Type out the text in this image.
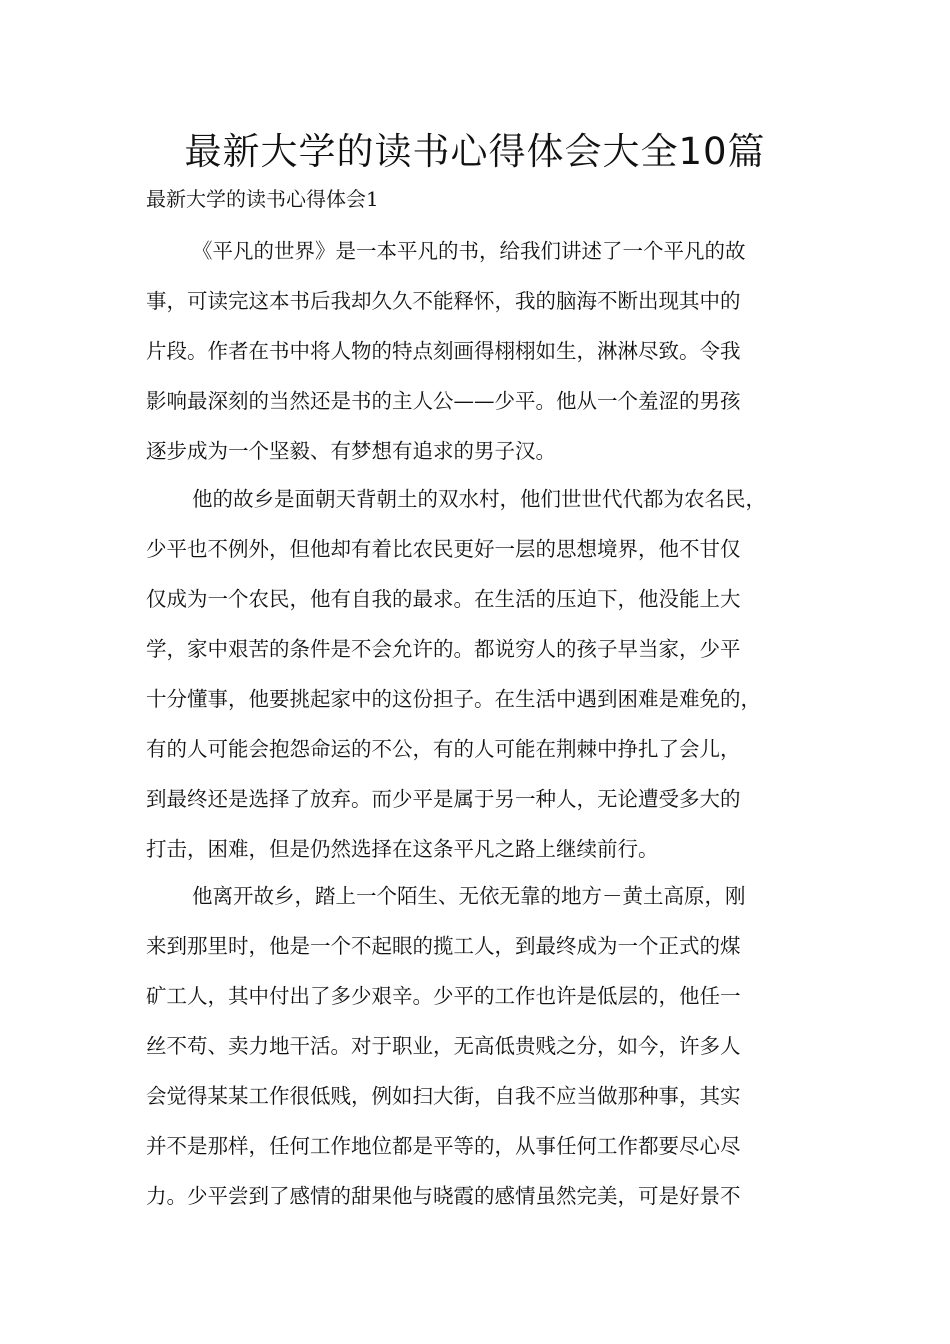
最新大学的读书心得体会大全10篇
最新大学的读书心得体会1
《平凡的世界》是一本平凡的书，给我们讲述了一个平凡的故
事，可读完这本书后我却久久不能释怀，我的脑海不断出现其中的
片段。作者在书中将人物的特点刻画得栩栩如生，淋淋尽致。令我
影响最深刻的当然还是书的主人公——少平。他从一个羞涩的男孩
逐步成为一个坚毅、有梦想有追求的男子汉。
他的故乡是面朝天背朝土的双水村，他们世世代代都为农名民，
少平也不例外，但他却有着比农民更好一层的思想境界，他不甘仅
仅成为一个农民，他有自我的最求。在生活的压迫下，他没能上大
学，家中艰苦的条件是不会允许的。都说穷人的孩子早当家，少平
十分懂事，他要挑起家中的这份担子。在生活中遇到困难是难免的，
有的人可能会抱怨命运的不公，有的人可能在荆棘中挣扎了会儿，
到最终还是选择了放弃。而少平是属于另一种人，无论遭受多大的
打击，困难，但是仍然选择在这条平凡之路上继续前行。
他离开故乡，踏上一个陌生、无依无靠的地方－黄土高原，刚
来到那里时，他是一个不起眼的揽工人，到最终成为一个正式的煤
矿工人，其中付出了多少艰辛。少平的工作也许是低层的，他任一
丝不苟、卖力地干活。对于职业，无高低贵贱之分，如今，许多人
会觉得某某工作很低贱，例如扫大街，自我不应当做那种事，其实
并不是那样，任何工作地位都是平等的，从事任何工作都要尽心尽
力。少平尝到了感情的甜果他与晓霞的感情虽然完美，可是好景不
